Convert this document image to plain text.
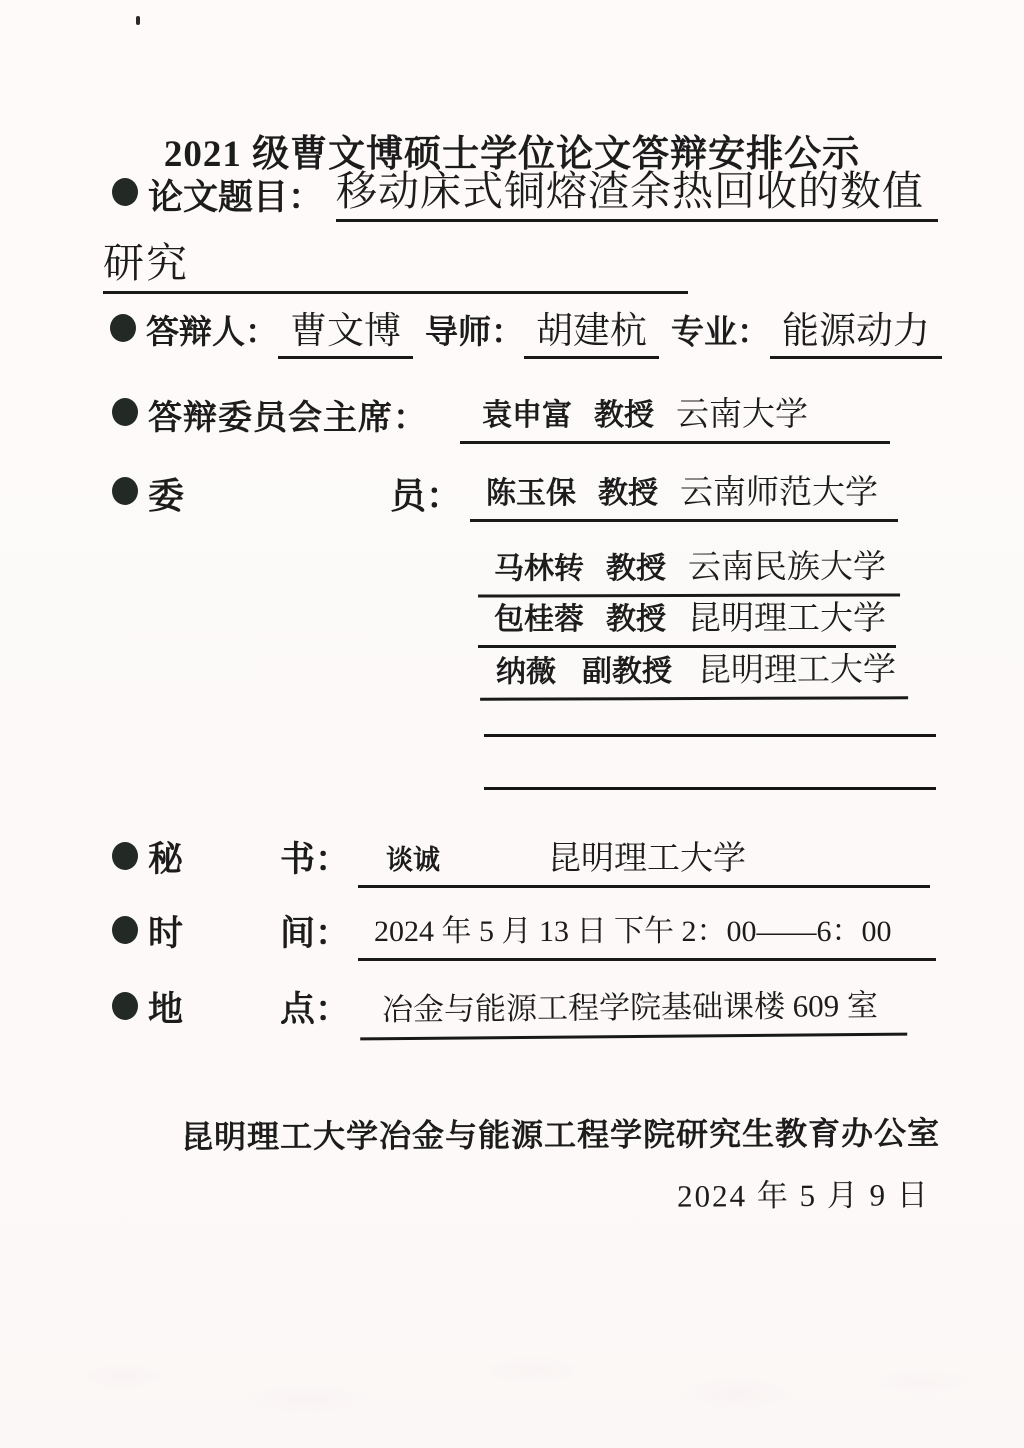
2021 级曹文博硕士学位论文答辩安排公示
论文题目： 移动床式铜熔渣余热回收的数值
研究
答辩人： 曹文博 导师： 胡建杭 专业： 能源动力
答辩委员会主席： 袁申富 教授 云南大学
委	员： 陈玉保 教授 云南师范大学
马林转 教授 云南民族大学
包桂蓉 教授 昆明理工大学
纳薇 副教授 昆明理工大学
秘	书： 谈诚	昆明理工大学
时	间： 2024 年 5 月 13 日 下午 2：00——6：00
地	点：	冶金与能源工程学院基础课楼 609 室
昆明理工大学冶金与能源工程学院研究生教育办公室
2024 年 5 月 9 日
